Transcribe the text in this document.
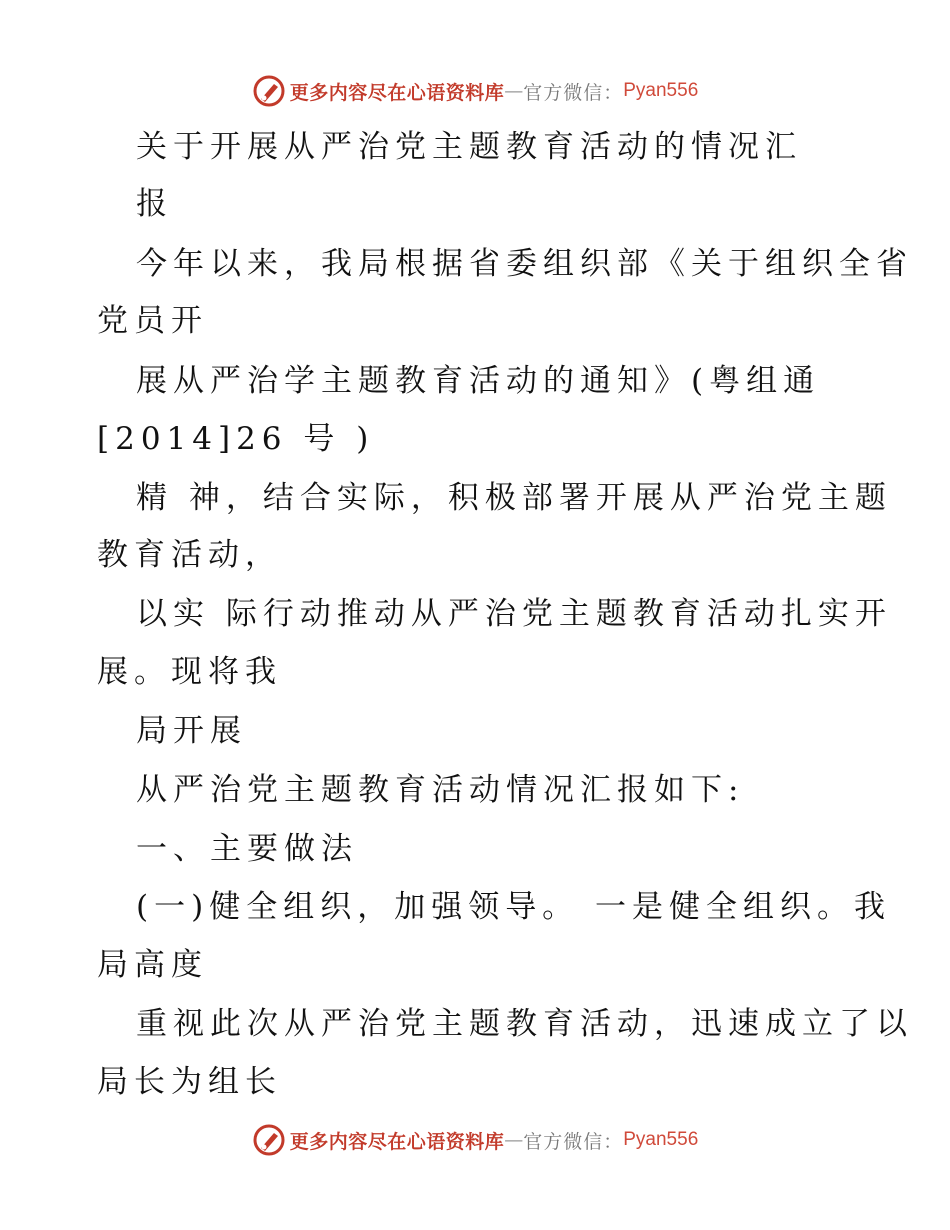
更多内容尽在心语资料库 — 官方微信： Pyan556
关于开展从严治党主题教育活动的情况汇
报
今年以来，我局根据省委组织部《关于组织全省
党员开
展从严治学主题教育活动的通知》(粤组通
[2014]26 号 )
精 神，结合实际，积极部署开展从严治党主题
教育活动，
以实 际行动推动从严治党主题教育活动扎实开
展。现将我
局开展
从严治党主题教育活动情况汇报如下:
一、主要做法
(一)健全组织，加强领导。 一是健全组织。我
局高度
重视此次从严治党主题教育活动，迅速成立了以
局长为组长
更多内容尽在心语资料库 — 官方微信： Pyan556
